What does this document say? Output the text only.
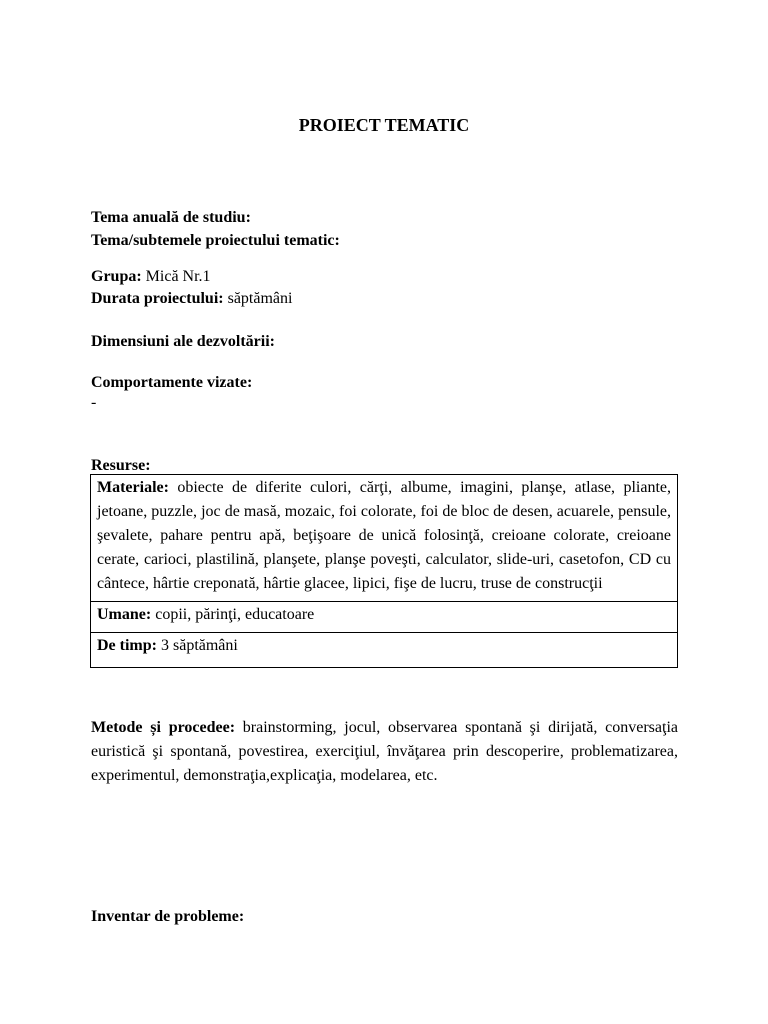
PROIECT TEMATIC
Tema anuală de studiu:
Tema/subtemele proiectului tematic:
Grupa: Mică Nr.1
Durata proiectului: săptămâni
Dimensiuni ale dezvoltării:
Comportamente vizate:
-
Resurse:
Materiale: obiecte de diferite culori, cărţi, albume, imagini, planşe, atlase, pliante, jetoane, puzzle, joc de masă, mozaic, foi colorate, foi de bloc de desen, acuarele, pensule, şevalete, pahare pentru apă, beţişoare de unică folosinţă, creioane colorate, creioane cerate, carioci, plastilină, planşete, planşe poveşti, calculator, slide-uri, casetofon, CD cu cântece, hârtie creponată, hârtie glacee, lipici, fişe de lucru, truse de construcţii
Umane: copii, părinţi, educatoare
De timp: 3 săptămâni
Metode și procedee: brainstorming, jocul, observarea spontană şi dirijată, conversaţia euristică şi spontană, povestirea, exerciţiul, învăţarea prin descoperire, problematizarea, experimentul, demonstraţia,explicaţia, modelarea, etc.
Inventar de probleme:
